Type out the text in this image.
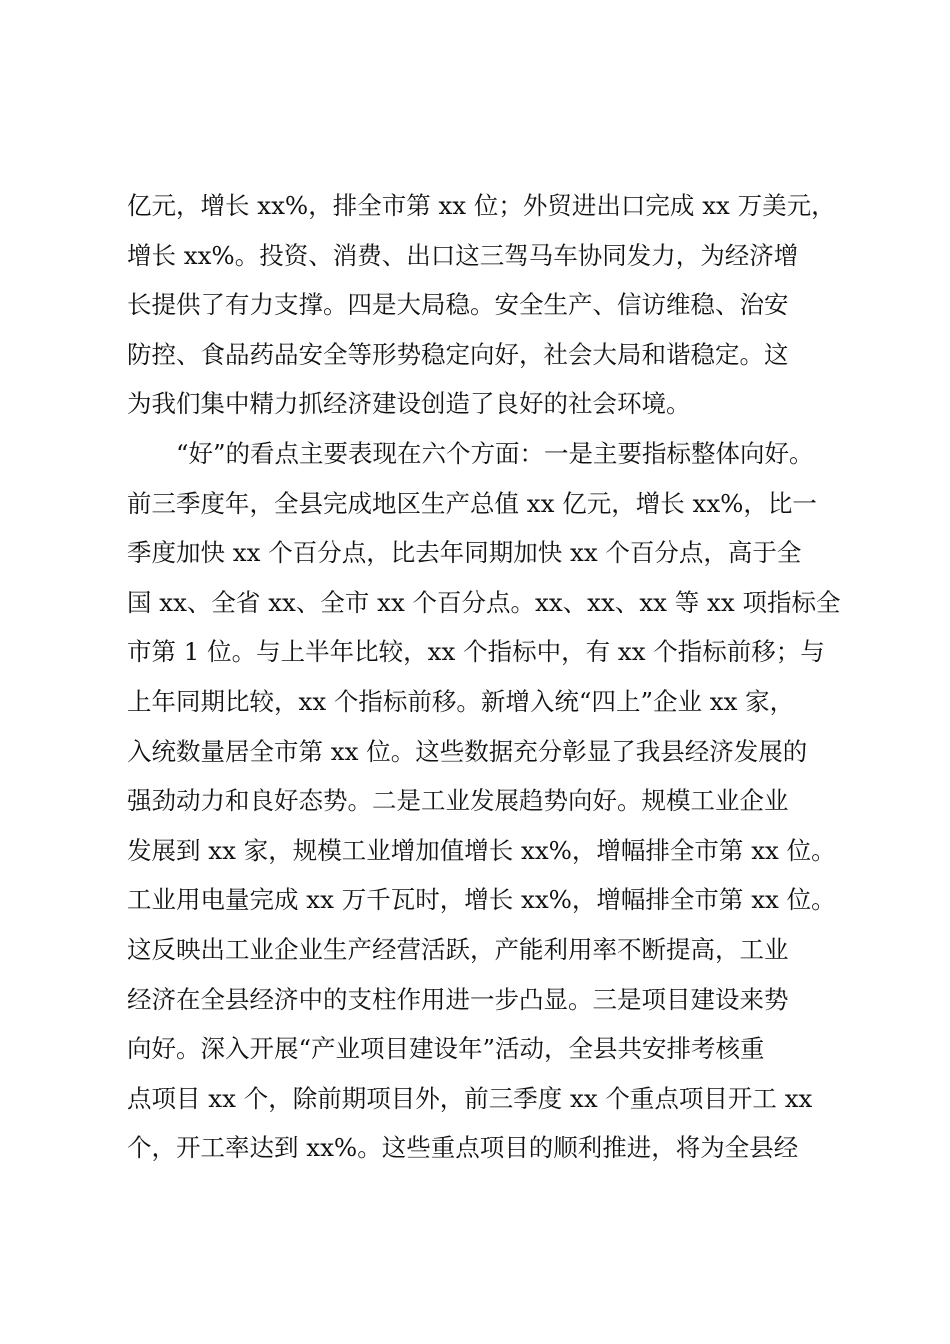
亿元，增长 xx%，排全市第 xx 位；外贸进出口完成 xx 万美元，
增长 xx%。投资、消费、出口这三驾马车协同发力，为经济增
长提供了有力支撑。四是大局稳。安全生产、信访维稳、治安
防控、食品药品安全等形势稳定向好，社会大局和谐稳定。这
为我们集中精力抓经济建设创造了良好的社会环境。
　　“好”的看点主要表现在六个方面：一是主要指标整体向好。
前三季度年，全县完成地区生产总值 xx 亿元，增长 xx%，比一
季度加快 xx 个百分点，比去年同期加快 xx 个百分点，高于全
国 xx、全省 xx、全市 xx 个百分点。xx、xx、xx 等 xx 项指标全
市第 1 位。与上半年比较，xx 个指标中，有 xx 个指标前移；与
上年同期比较，xx 个指标前移。新增入统“四上”企业 xx 家，
入统数量居全市第 xx 位。这些数据充分彰显了我县经济发展的
强劲动力和良好态势。二是工业发展趋势向好。规模工业企业
发展到 xx 家，规模工业增加值增长 xx%，增幅排全市第 xx 位。
工业用电量完成 xx 万千瓦时，增长 xx%，增幅排全市第 xx 位。
这反映出工业企业生产经营活跃，产能利用率不断提高，工业
经济在全县经济中的支柱作用进一步凸显。三是项目建设来势
向好。深入开展“产业项目建设年”活动，全县共安排考核重
点项目 xx 个，除前期项目外，前三季度 xx 个重点项目开工 xx
个，开工率达到 xx%。这些重点项目的顺利推进，将为全县经
